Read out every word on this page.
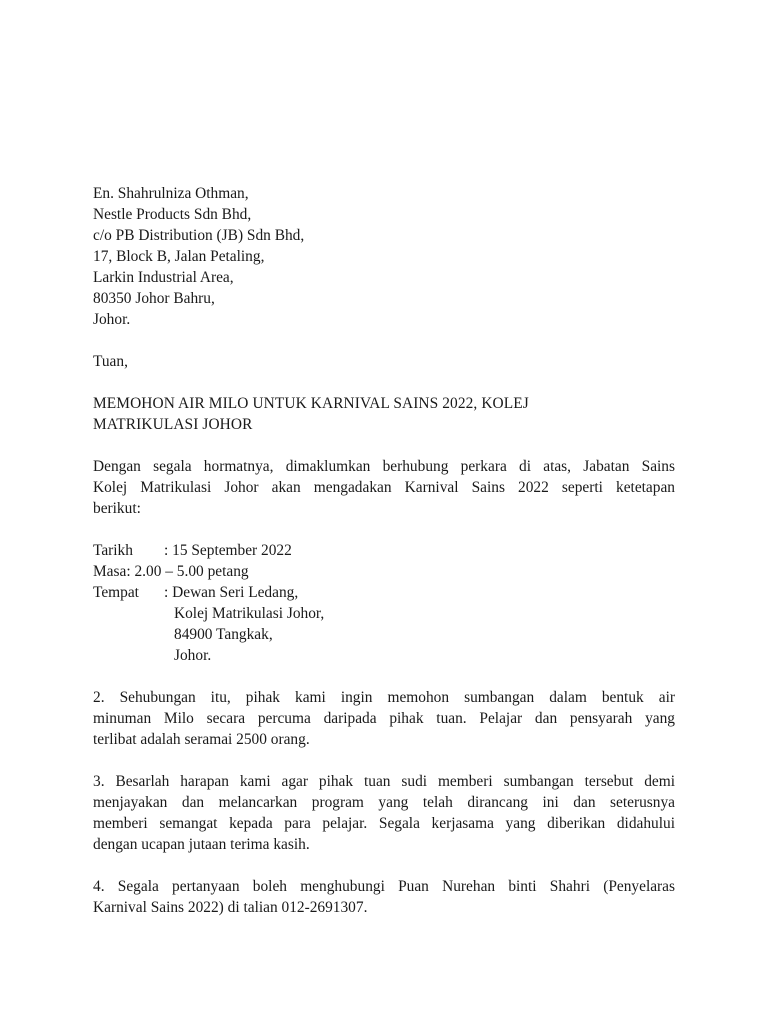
En. Shahrulniza Othman,
Nestle Products Sdn Bhd,
c/o PB Distribution (JB) Sdn Bhd,
17, Block B, Jalan Petaling,
Larkin Industrial Area,
80350 Johor Bahru,
Johor.
Tuan,
MEMOHON AIR MILO UNTUK KARNIVAL SAINS 2022, KOLEJ
MATRIKULASI JOHOR
Dengan segala hormatnya, dimaklumkan berhubung perkara di atas, Jabatan Sains
Kolej Matrikulasi Johor akan mengadakan Karnival Sains 2022 seperti ketetapan
berikut:
Tarikh	: 15 September 2022
Masa: 2.00 – 5.00 petang
Tempat	: Dewan Seri Ledang,
Kolej Matrikulasi Johor,
84900 Tangkak,
Johor.
2. Sehubungan itu, pihak kami ingin memohon sumbangan dalam bentuk air
minuman Milo secara percuma daripada pihak tuan. Pelajar dan pensyarah yang
terlibat adalah seramai 2500 orang.
3. Besarlah harapan kami agar pihak tuan sudi memberi sumbangan tersebut demi
menjayakan dan melancarkan program yang telah dirancang ini dan seterusnya
memberi semangat kepada para pelajar. Segala kerjasama yang diberikan didahului
dengan ucapan jutaan terima kasih.
4. Segala pertanyaan boleh menghubungi Puan Nurehan binti Shahri (Penyelaras
Karnival Sains 2022) di talian 012-2691307.
